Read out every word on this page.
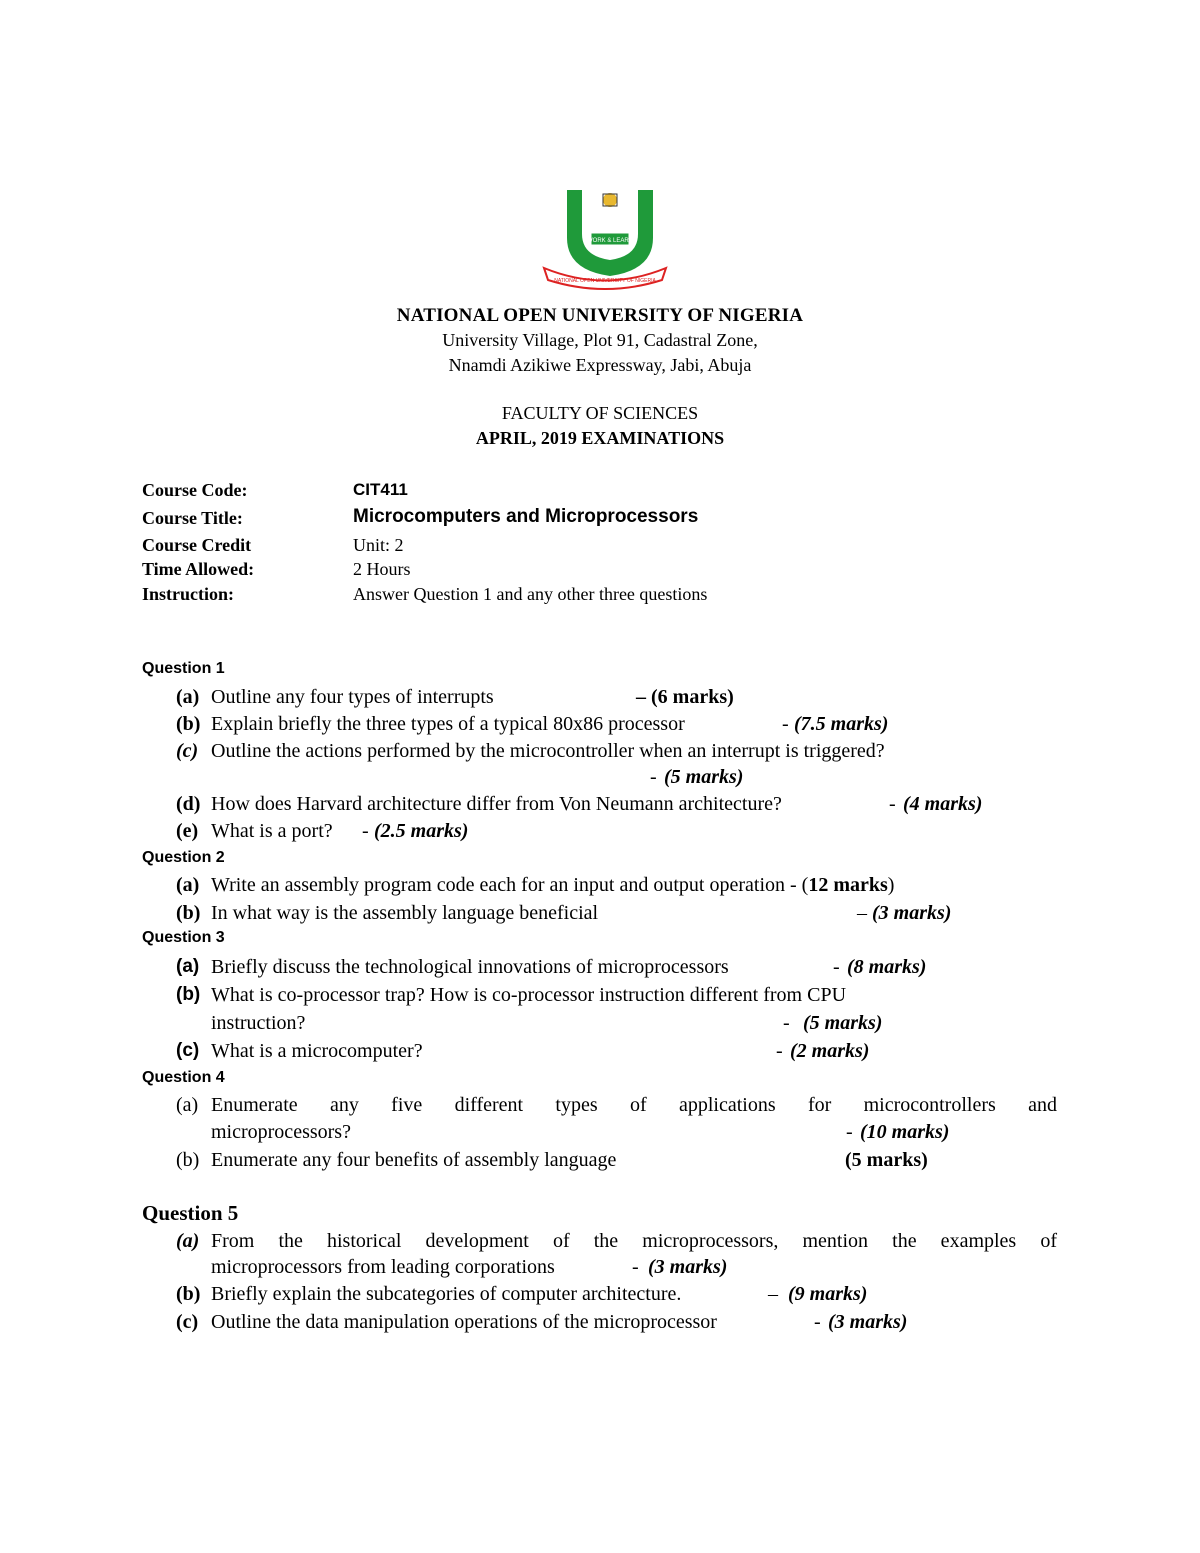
WORK & LEARN
NATIONAL OPEN UNIVERSITY OF NIGERIA
NATIONAL OPEN UNIVERSITY OF NIGERIA
University Village, Plot 91, Cadastral Zone,
Nnamdi Azikiwe Expressway, Jabi, Abuja
FACULTY OF SCIENCES
APRIL, 2019 EXAMINATIONS
Course Code:	CIT411
Course Title:	Microcomputers and Microprocessors
Course Credit	Unit: 2
Time Allowed:	2 Hours
Instruction:	Answer Question 1 and any other three questions
Question 1
(a) Outline any four types of interrupts	– (6 marks)
(b) Explain briefly the three types of a typical 80x86 processor	- (7.5 marks)
(c) Outline the actions performed by the microcontroller when an interrupt is triggered?
- (5 marks)
(d) How does Harvard architecture differ from Von Neumann architecture?	- (4 marks)
(e) What is a port? - (2.5 marks)
Question 2
(a) Write an assembly program code each for an input and output operation - (12 marks)
(b) In what way is the assembly language beneficial	– (3 marks)
Question 3
(a) Briefly discuss the technological innovations of microprocessors	- (8 marks)
(b) What is co-processor trap? How is co-processor instruction different from CPU
instruction?	- (5 marks)
(c) What is a microcomputer?	- (2 marks)
Question 4
(a) Enumerate any five different types of applications for microcontrollers and
microprocessors?	- (10 marks)
(b) Enumerate any four benefits of assembly language	(5 marks)
Question 5
(a) From the historical development of the microprocessors, mention the examples of
microprocessors from leading corporations	- (3 marks)
(b) Briefly explain the subcategories of computer architecture.	– (9 marks)
(c) Outline the data manipulation operations of the microprocessor	- (3 marks)
